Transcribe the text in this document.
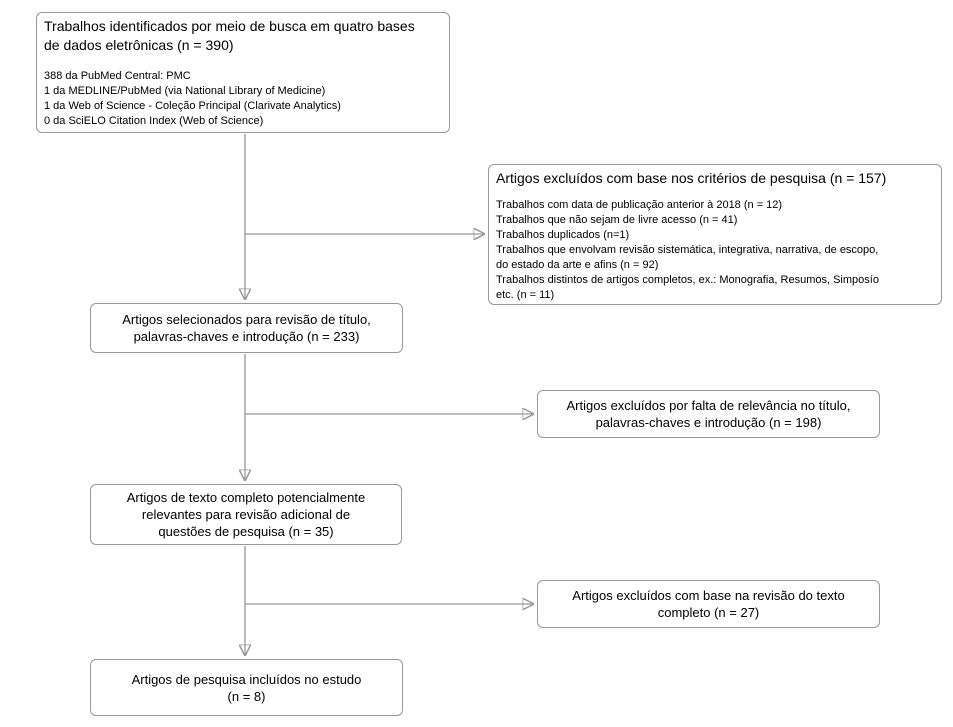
Trabalhos identificados por meio de busca em quatro bases
de dados eletrônicas (n = 390)
388 da PubMed Central: PMC
1 da MEDLINE/PubMed (via National Library of Medicine)
1 da Web of Science - Coleção Principal (Clarivate Analytics)
0 da SciELO Citation Index (Web of Science)
Artigos excluídos com base nos critérios de pesquisa (n = 157)
Trabalhos com data de publicação anterior à 2018 (n = 12)
Trabalhos que não sejam de livre acesso (n = 41)
Trabalhos duplicados (n=1)
Trabalhos que envolvam revisão sistemática, integrativa, narrativa, de escopo,
do estado da arte e afins (n = 92)
Trabalhos distintos de artigos completos, ex.: Monografia, Resumos, Simposío
etc. (n = 11)
Artigos selecionados para revisão de título,
palavras-chaves e introdução (n = 233)
Artigos excluídos por falta de relevância no título,
palavras-chaves e introdução (n = 198)
Artigos de texto completo potencialmente
relevantes para revisão adicional de
questões de pesquisa (n = 35)
Artigos excluídos com base na revisão do texto
completo (n = 27)
Artigos de pesquisa incluídos no estudo
(n = 8)
